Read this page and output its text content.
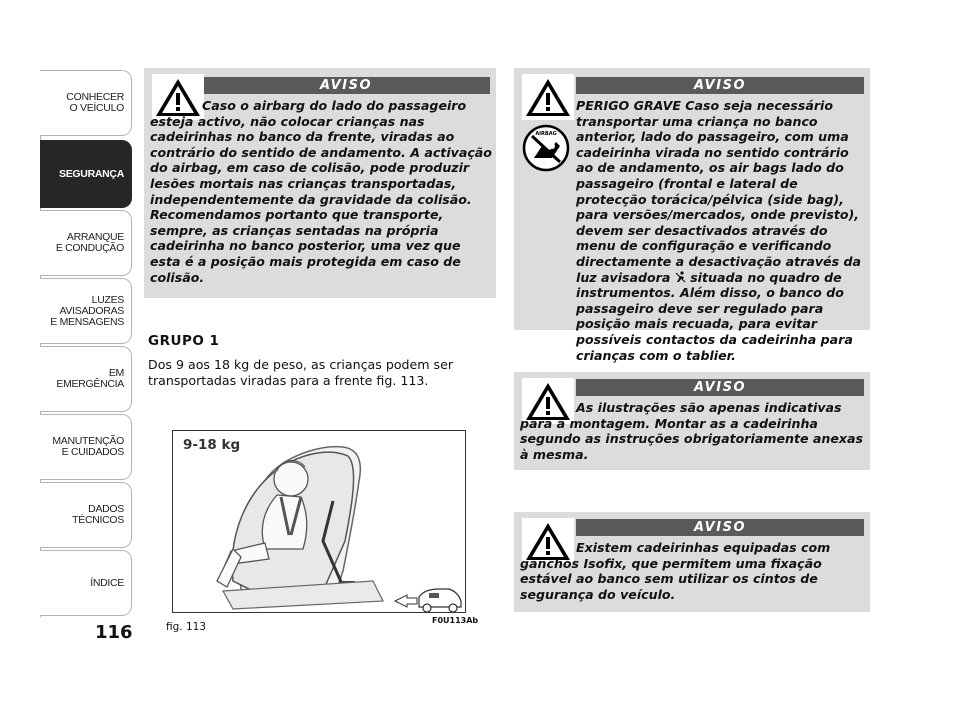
CONHECER
O VEÍCULO
SEGURANÇA
ARRANQUE
E CONDUÇÃO
LUZES
AVISADORAS
E MENSAGENS
EM EMERGÊNCIA
MANUTENÇÃO
E CUIDADOS
DADOS
TÉCNICOS
ÍNDICE
116
AVISO
Caso o airbarg do lado do passageiro esteja activo, não colocar crianças nas cadeirinhas no banco da frente, viradas ao contrário do sentido de andamento. A activação do airbag, em caso de colisão, pode produzir lesões mortais nas crianças transportadas, independentemente da gravidade da colisão. Recomendamos portanto que transporte, sempre, as crianças sentadas na própria cadeirinha no banco posterior, uma vez que esta é a posição mais protegida em caso de colisão.
AVISO
AIRBAG
PERIGO GRAVE Caso seja necessário transportar uma criança no banco anterior, lado do passageiro, com uma cadeirinha virada no sentido contrário ao de andamento, os air bags lado do passageiro (frontal e lateral de protecção torácica/pélvica (side bag), para versões/mercados, onde previsto), devem ser desactivados através do menu de configuração e verificando directamente a desactivação através da luz avisadora situada no quadro de instrumentos. Além disso, o banco do passageiro deve ser regulado para posição mais recuada, para evitar possíveis contactos da cadeirinha para crianças com o tablier.
AVISO
As ilustrações são apenas indicativas para a montagem. Montar as a cadeirinha segundo as instruções obrigatoriamente anexas à mesma.
AVISO
Existem cadeirinhas equipadas com ganchos Isofix, que permitem uma fixação estável ao banco sem utilizar os cintos de segurança do veículo.
GRUPO 1
Dos 9 aos 18 kg de peso, as crianças podem ser transportadas viradas para a frente fig. 113.
9-18 kg
fig. 113
F0U113Ab
